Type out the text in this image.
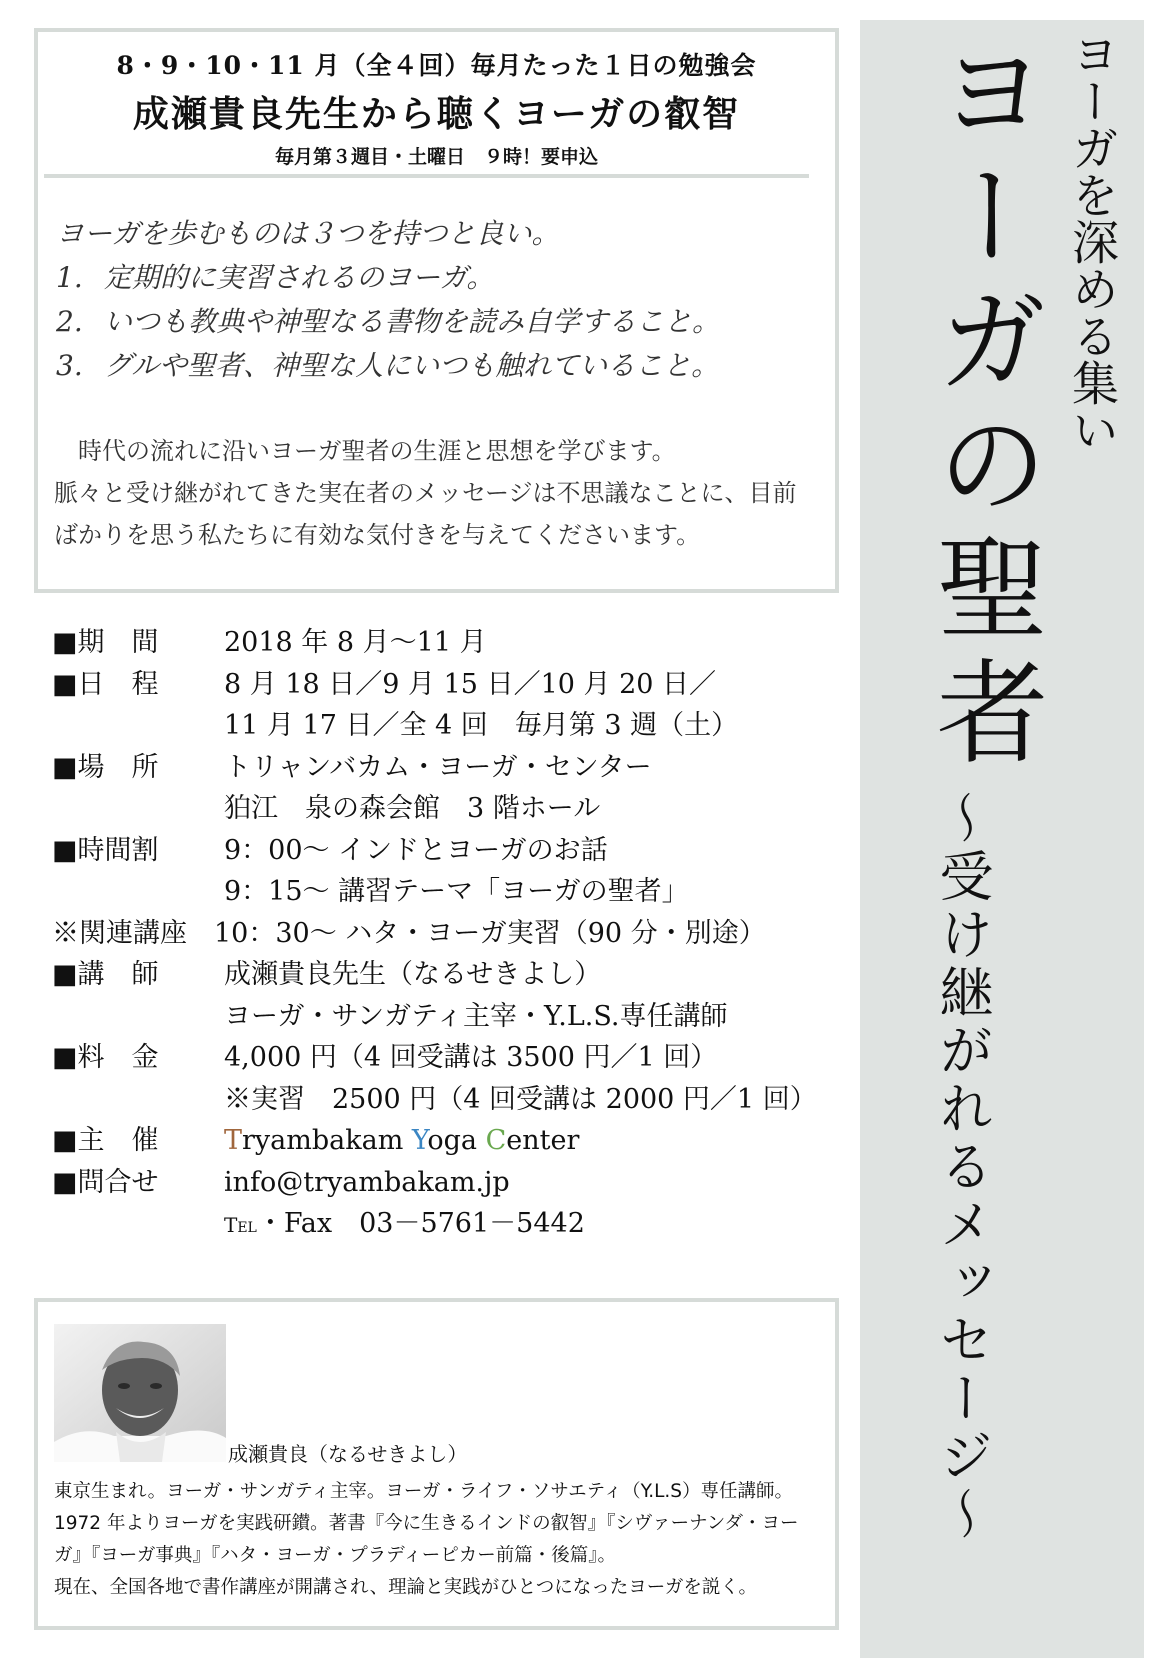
8・9・10・11 月（全４回）毎月たった１日の勉強会
成瀬貴良先生から聴くヨーガの叡智
毎月第３週目・土曜日　９時！要申込
ヨーガを歩むものは３つを持つと良い。
1. 定期的に実習されるのヨーガ。
2. いつも教典や神聖なる書物を読み自学すること。
3. グルや聖者、神聖な人にいつも触れていること。
時代の流れに沿いヨーガ聖者の生涯と思想を学びます。
脈々と受け継がれてきた実在者のメッセージは不思議なことに、目前
ばかりを思う私たちに有効な気付きを与えてくださいます。
■期　間 2018 年 8 月～11 月
■日　程 8 月 18 日／9 月 15 日／10 月 20 日／
11 月 17 日／全 4 回　毎月第 3 週（土）
■場　所 トリャンバカム・ヨーガ・センター
狛江　泉の森会館　3 階ホール
■時間割 9：00～ インドとヨーガのお話
9：15～ 講習テーマ「ヨーガの聖者」
※関連講座 10：30～ ハタ・ヨーガ実習（90 分・別途）
■講　師 成瀬貴良先生（なるせきよし）
ヨーガ・サンガティ主宰・Y.L.S.専任講師
■料　金 4,000 円（4 回受講は 3500 円／1 回）
※実習　2500 円（4 回受講は 2000 円／1 回）
■主　催 Tryambakam Yoga Center
■問合せ info@tryambakam.jp
Tel・Fax　03－5761－5442
成瀬貴良（なるせきよし）
東京生まれ。ヨーガ・サンガティ主宰。ヨーガ・ライフ・ソサエティ（Y.L.S）専任講師。
1972 年よりヨーガを実践研鑚。著書『今に生きるインドの叡智』『シヴァーナンダ・ヨー
ガ』『ヨーガ事典』『ハタ・ヨーガ・プラディーピカー前篇・後篇』。
現在、全国各地で書作講座が開講され、理論と実践がひとつになったヨーガを説く。
ヨーガを深める集い
ヨーガの聖者
～受け継がれるメッセージ～
